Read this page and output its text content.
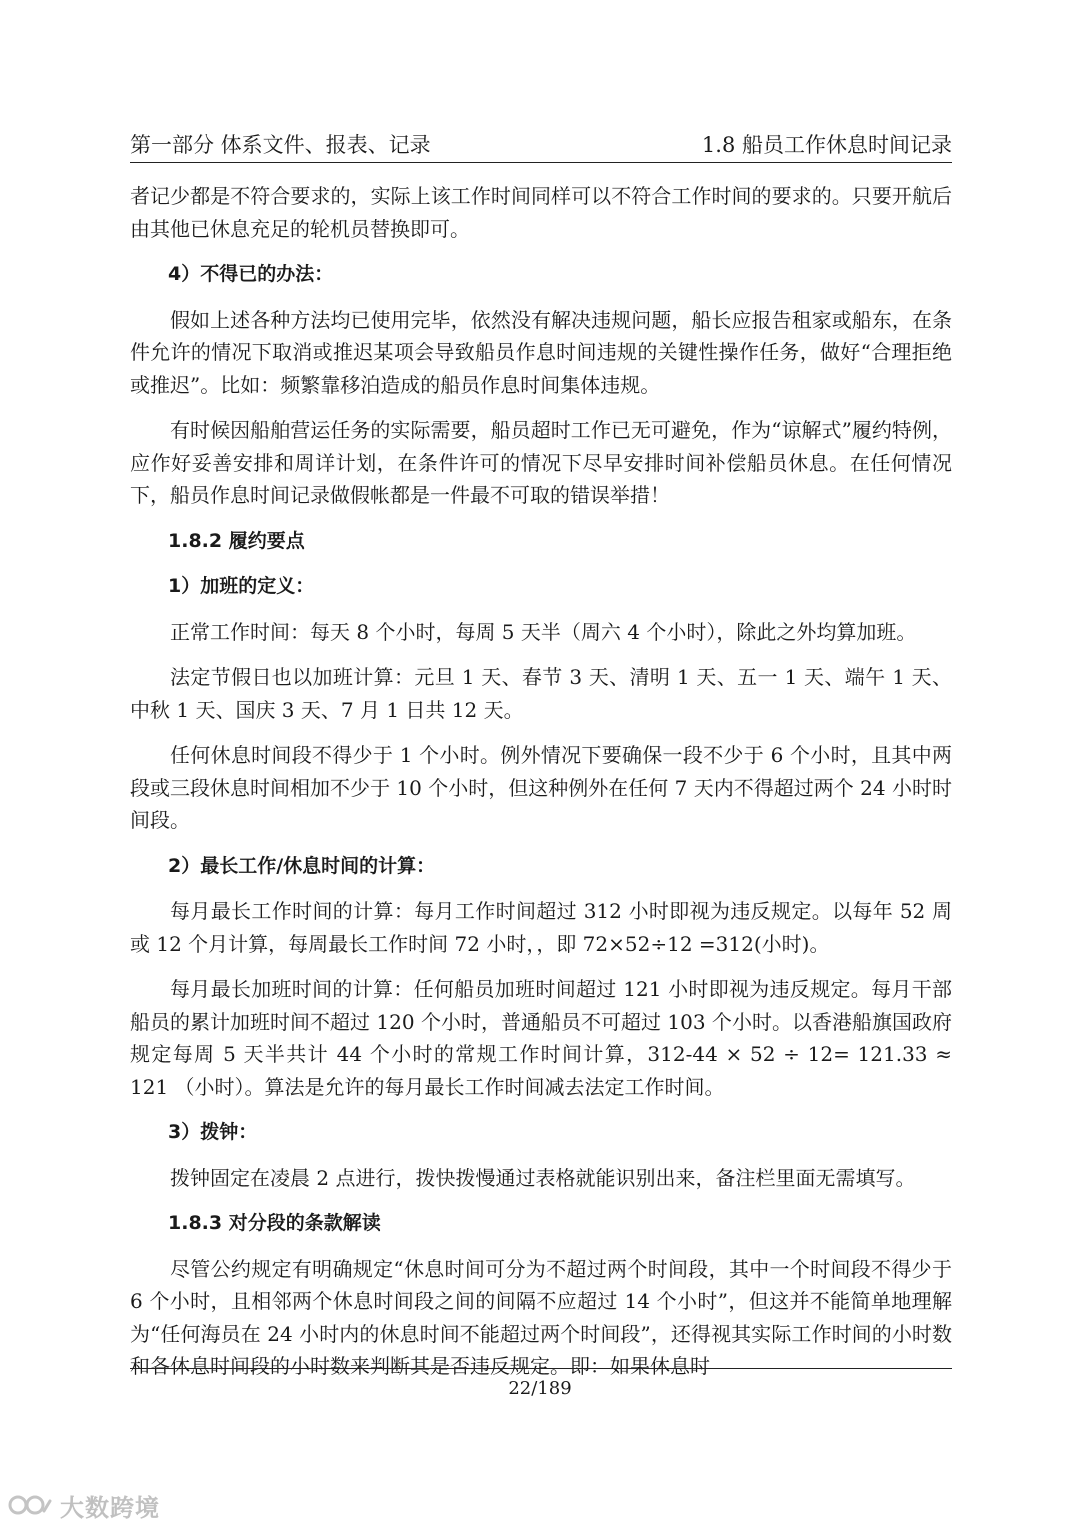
第一部分 体系文件、报表、记录	1.8 船员工作休息时间记录

者记少都是不符合要求的，实际上该工作时间同样可以不符合工作时间的要求的。只要开航后由其他已休息充足的轮机员替换即可。

4）不得已的办法：

假如上述各种方法均已使用完毕，依然没有解决违规问题，船长应报告租家或船东，在条件允许的情况下取消或推迟某项会导致船员作息时间违规的关键性操作任务，做好“合理拒绝或推迟”。比如：频繁靠移泊造成的船员作息时间集体违规。

有时候因船舶营运任务的实际需要，船员超时工作已无可避免，作为“谅解式”履约特例，应作好妥善安排和周详计划，在条件许可的情况下尽早安排时间补偿船员休息。在任何情况下，船员作息时间记录做假帐都是一件最不可取的错误举措！

1.8.2 履约要点

1）加班的定义：

正常工作时间：每天 8 个小时，每周 5 天半（周六 4 个小时），除此之外均算加班。

法定节假日也以加班计算：元旦 1 天、春节 3 天、清明 1 天、五一 1 天、端午 1 天、中秋 1 天、国庆 3 天、7 月 1 日共 12 天。

任何休息时间段不得少于 1 个小时。例外情况下要确保一段不少于 6 个小时，且其中两段或三段休息时间相加不少于 10 个小时，但这种例外在任何 7 天内不得超过两个 24 小时时间段。

2）最长工作/休息时间的计算：

每月最长工作时间的计算：每月工作时间超过 312 小时即视为违反规定。以每年 52 周或 12 个月计算，每周最长工作时间 72 小时，，即 72×52÷12 =312(小时)。

每月最长加班时间的计算：任何船员加班时间超过 121 小时即视为违反规定。每月干部船员的累计加班时间不超过 120 个小时，普通船员不可超过 103 个小时。以香港船旗国政府规定每周 5 天半共计 44 个小时的常规工作时间计算，312-44 × 52 ÷ 12= 121.33 ≈ 121 （小时）。算法是允许的每月最长工作时间减去法定工作时间。

3）拨钟：

拨钟固定在凌晨 2 点进行，拨快拨慢通过表格就能识别出来，备注栏里面无需填写。

1.8.3 对分段的条款解读

尽管公约规定有明确规定“休息时间可分为不超过两个时间段，其中一个时间段不得少于 6 个小时，且相邻两个休息时间段之间的间隔不应超过 14 个小时”，但这并不能简单地理解为“任何海员在 24 小时内的休息时间不能超过两个时间段”，还得视其实际工作时间的小时数和各休息时间段的小时数来判断其是否违反规定。即：如果休息时

22/189
大数跨境
